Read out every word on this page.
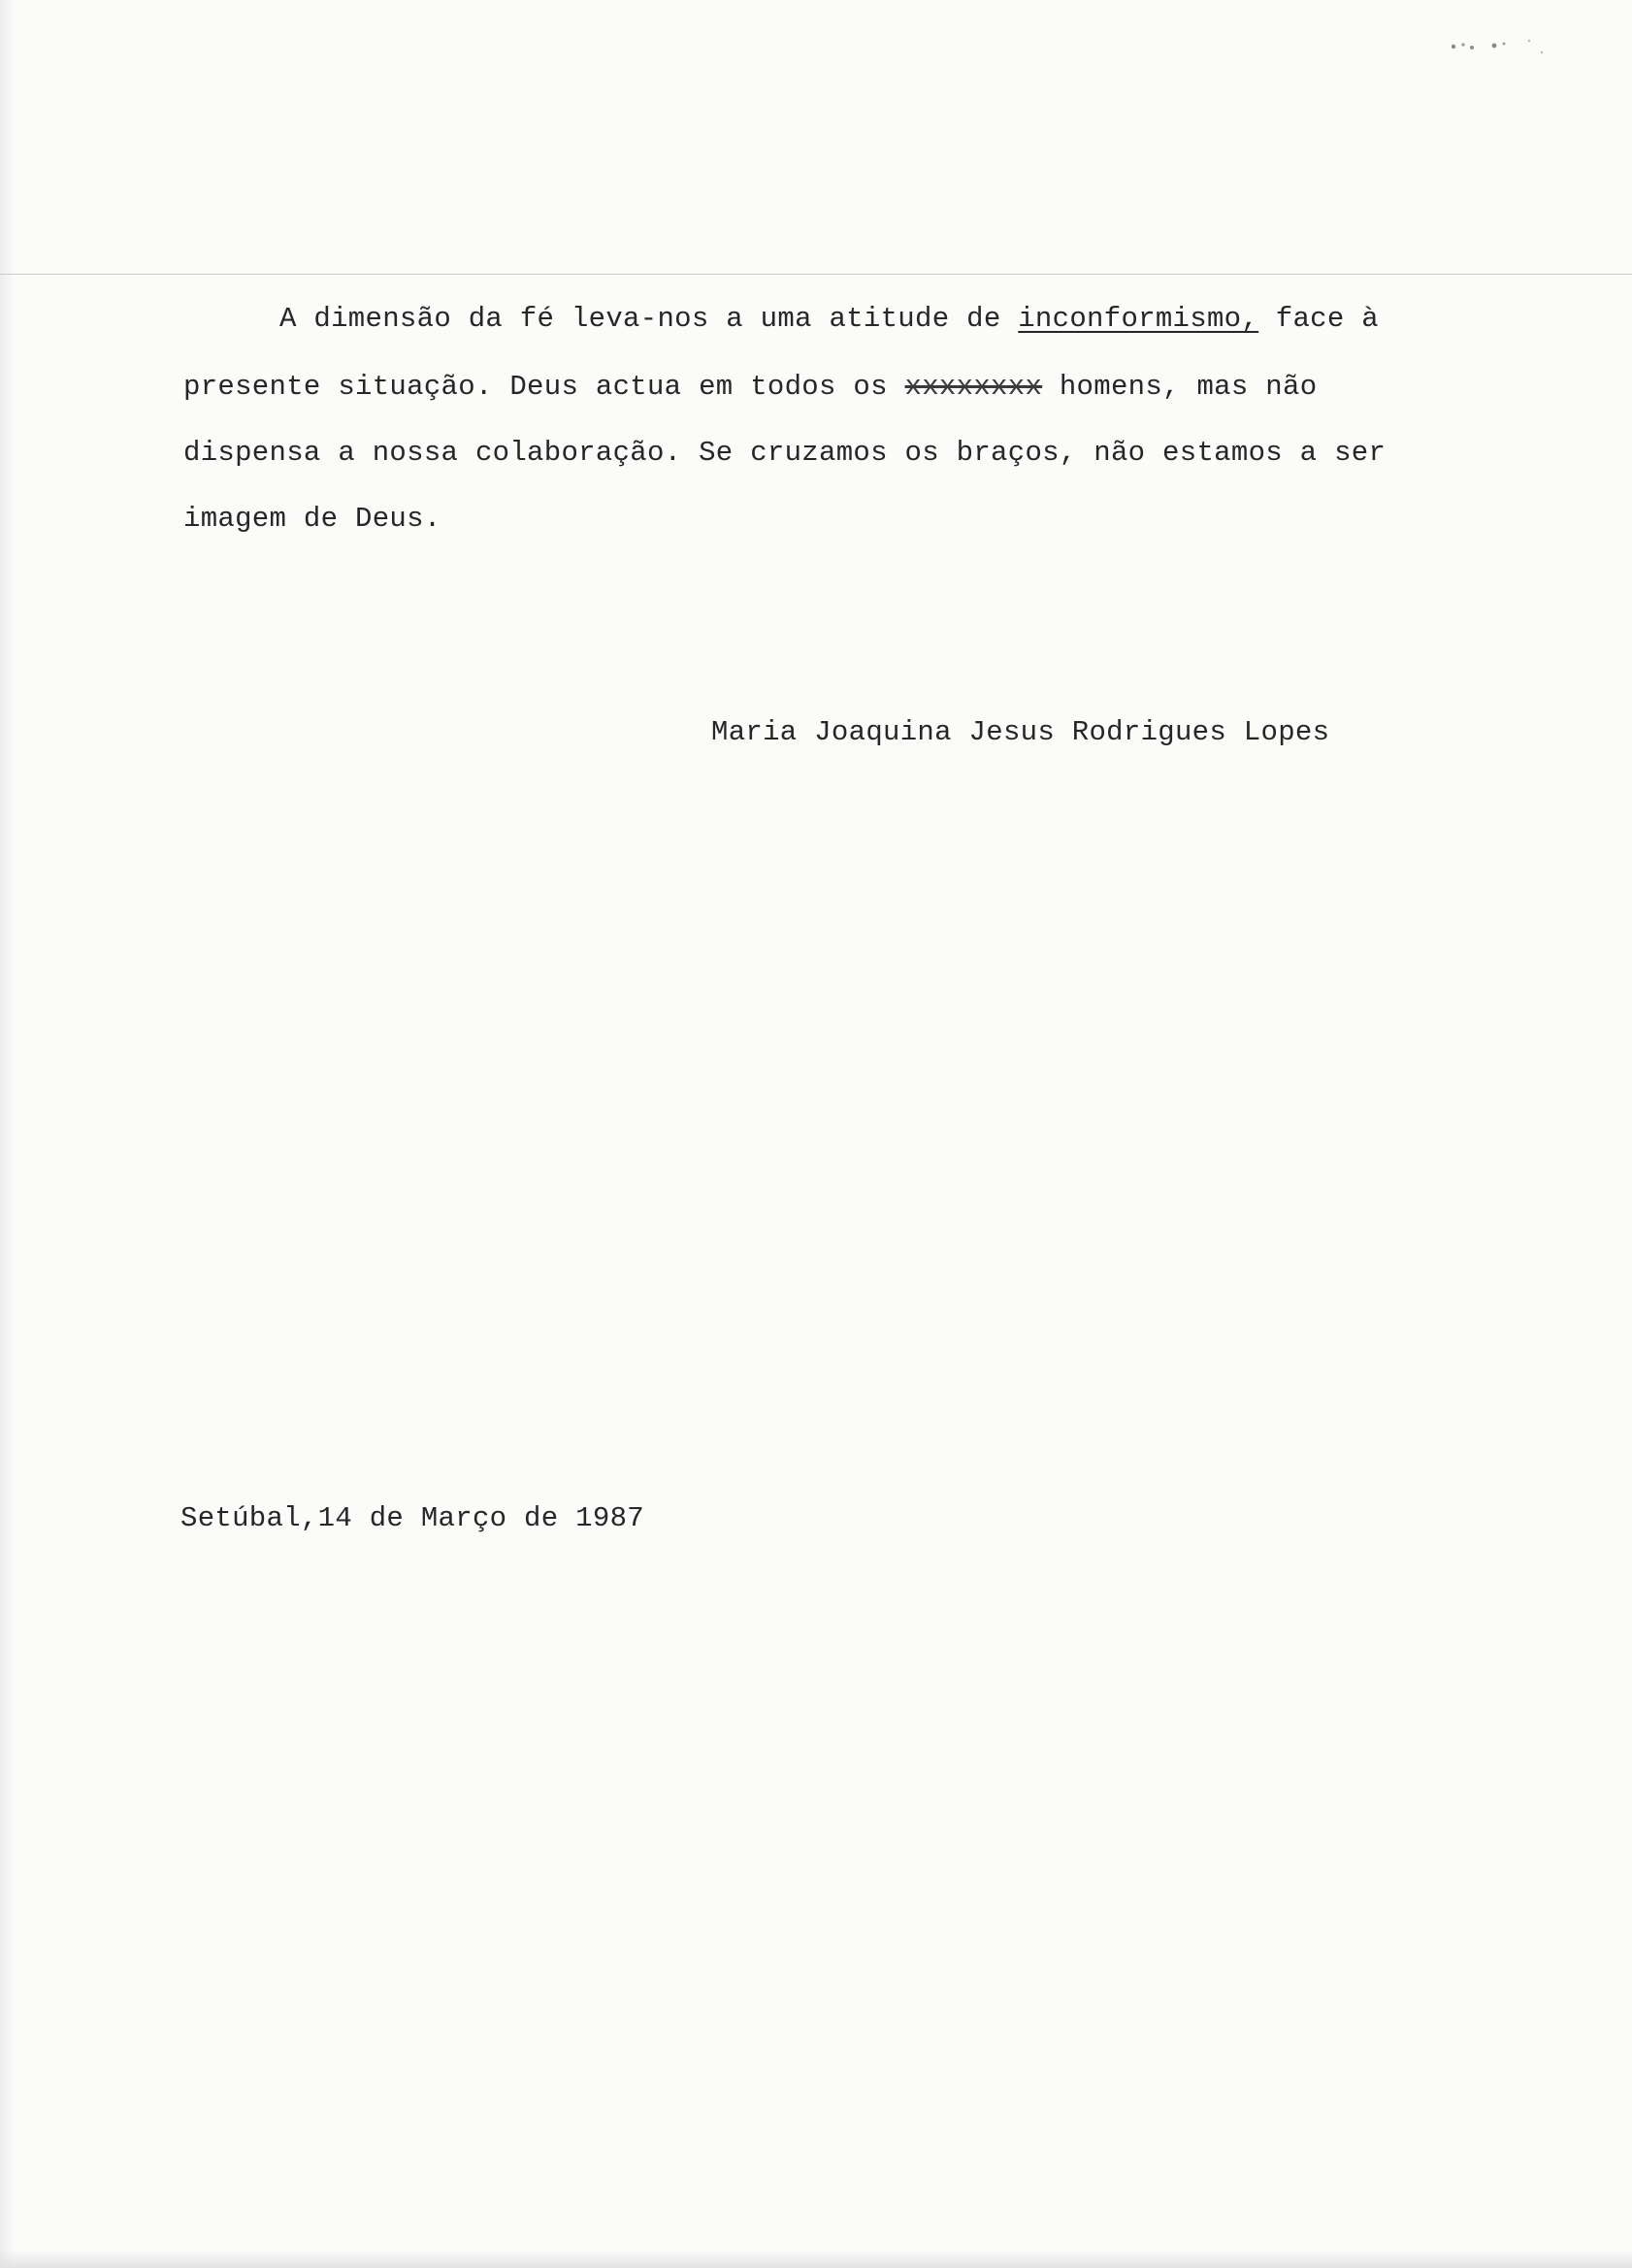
A dimensão da fé leva-nos a uma atitude de inconformismo, face à

presente situação. Deus actua em todos os xxxxxxxx homens, mas não

dispensa a nossa colaboração. Se cruzamos os braços, não estamos a ser

imagem de Deus.

Maria Joaquina Jesus Rodrigues Lopes

Setúbal,14 de Março de 1987
